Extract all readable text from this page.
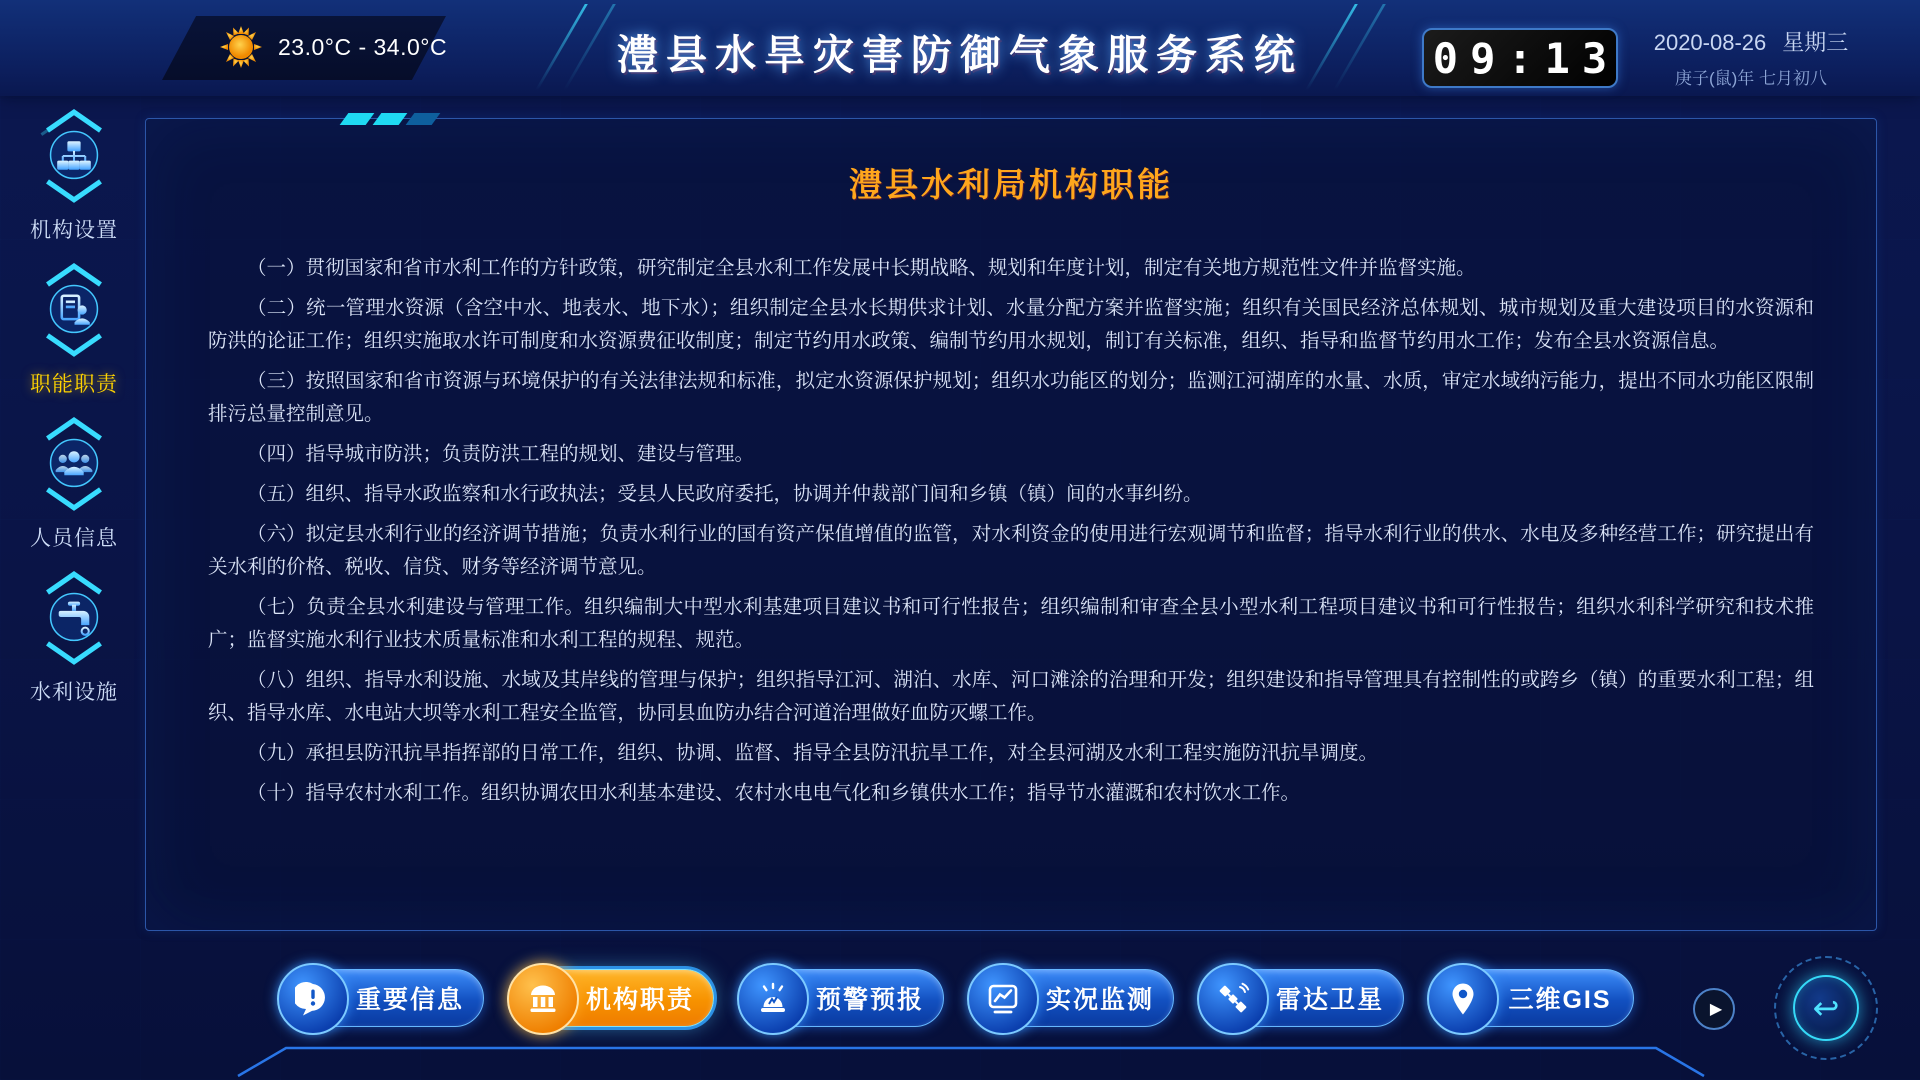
23.0°C - 34.0°C	澧县水旱灾害防御气象服务系统	09:13	2020-08-26 星期三
庚子(鼠)年 七月初八
机构设置
职能职责
人员信息
水利设施
澧县水利局机构职能

（一）贯彻国家和省市水利工作的方针政策，研究制定全县水利工作发展中长期战略、规划和年度计划，制定有关地方规范性文件并监督实施。

（二）统一管理水资源（含空中水、地表水、地下水）；组织制定全县水长期供求计划、水量分配方案并监督实施；组织有关国民经济总体规划、城市规划及重大建设项目的水资源和防洪的论证工作；组织实施取水许可制度和水资源费征收制度；制定节约用水政策、编制节约用水规划，制订有关标准，组织、指导和监督节约用水工作；发布全县水资源信息。

（三）按照国家和省市资源与环境保护的有关法律法规和标准，拟定水资源保护规划；组织水功能区的划分；监测江河湖库的水量、水质，审定水域纳污能力，提出不同水功能区限制排污总量控制意见。

（四）指导城市防洪；负责防洪工程的规划、建设与管理。

（五）组织、指导水政监察和水行政执法；受县人民政府委托，协调并仲裁部门间和乡镇（镇）间的水事纠纷。

（六）拟定县水利行业的经济调节措施；负责水利行业的国有资产保值增值的监管，对水利资金的使用进行宏观调节和监督；指导水利行业的供水、水电及多种经营工作；研究提出有关水利的价格、税收、信贷、财务等经济调节意见。

（七）负责全县水利建设与管理工作。组织编制大中型水利基建项目建议书和可行性报告；组织编制和审查全县小型水利工程项目建议书和可行性报告；组织水利科学研究和技术推广；监督实施水利行业技术质量标准和水利工程的规程、规范。

（八）组织、指导水利设施、水域及其岸线的管理与保护；组织指导江河、湖泊、水库、河口滩涂的治理和开发；组织建设和指导管理具有控制性的或跨乡（镇）的重要水利工程；组织、指导水库、水电站大坝等水利工程安全监管，协同县血防办结合河道治理做好血防灭螺工作。

（九）承担县防汛抗旱指挥部的日常工作，组织、协调、监督、指导全县防汛抗旱工作，对全县河湖及水利工程实施防汛抗旱调度。

（十）指导农村水利工作。组织协调农田水利基本建设、农村水电电气化和乡镇供水工作；指导节水灌溉和农村饮水工作。

重要信息	机构职责	预警预报	实况监测	雷达卫星	三维GIS	▶	↩
